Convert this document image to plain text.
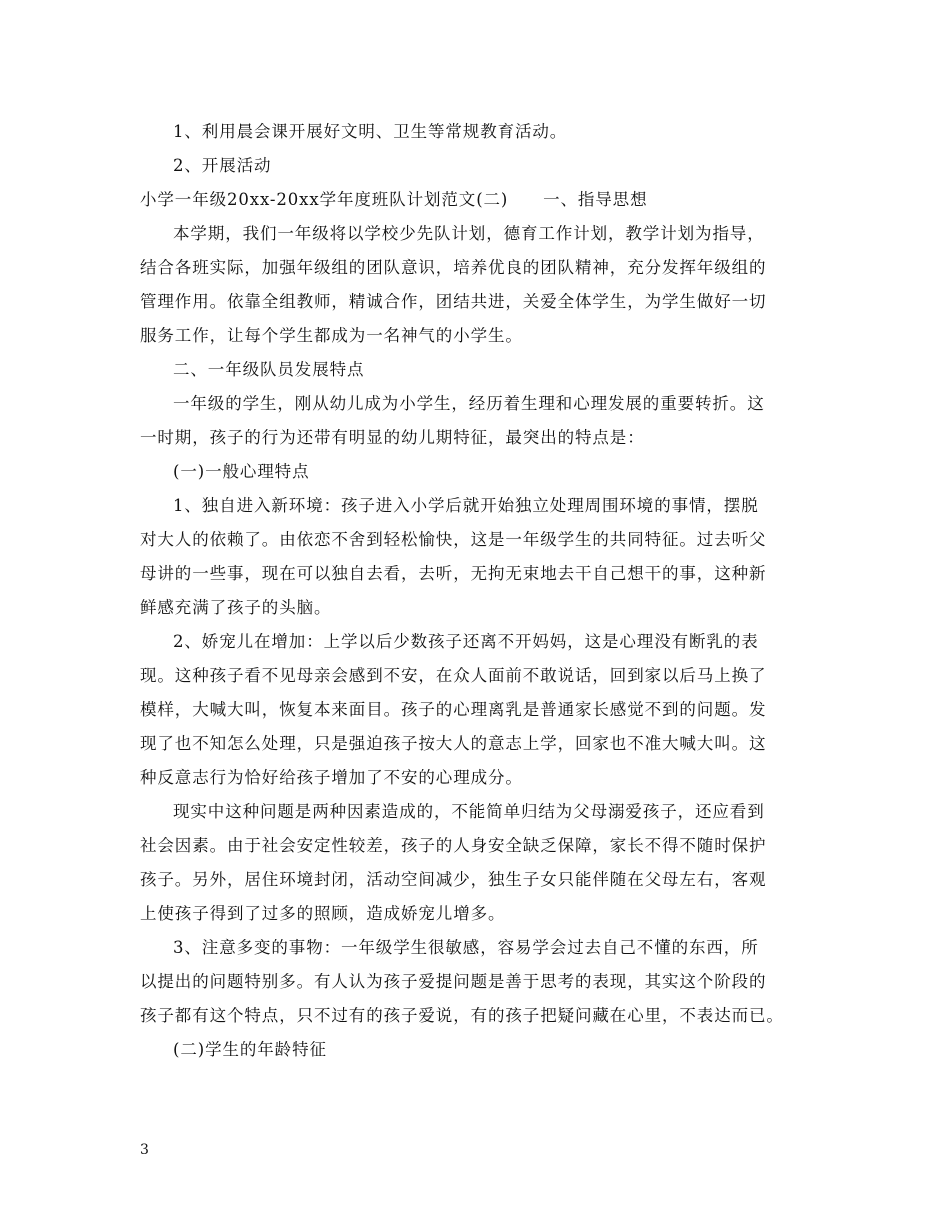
1、利用晨会课开展好文明、卫生等常规教育活动。
2、开展活动
小学一年级20xx-20xx学年度班队计划范文(二)　　一、指导思想
本学期，我们一年级将以学校少先队计划，德育工作计划，教学计划为指导，
结合各班实际，加强年级组的团队意识，培养优良的团队精神，充分发挥年级组的
管理作用。依靠全组教师，精诚合作，团结共进，关爱全体学生，为学生做好一切
服务工作，让每个学生都成为一名神气的小学生。
二、一年级队员发展特点
一年级的学生，刚从幼儿成为小学生，经历着生理和心理发展的重要转折。这
一时期，孩子的行为还带有明显的幼儿期特征，最突出的特点是：
(一)一般心理特点
1、独自进入新环境：孩子进入小学后就开始独立处理周围环境的事情，摆脱
对大人的依赖了。由依恋不舍到轻松愉快，这是一年级学生的共同特征。过去听父
母讲的一些事，现在可以独自去看，去听，无拘无束地去干自己想干的事，这种新
鲜感充满了孩子的头脑。
2、娇宠儿在增加：上学以后少数孩子还离不开妈妈，这是心理没有断乳的表
现。这种孩子看不见母亲会感到不安，在众人面前不敢说话，回到家以后马上换了
模样，大喊大叫，恢复本来面目。孩子的心理离乳是普通家长感觉不到的问题。发
现了也不知怎么处理，只是强迫孩子按大人的意志上学，回家也不准大喊大叫。这
种反意志行为恰好给孩子增加了不安的心理成分。
现实中这种问题是两种因素造成的，不能简单归结为父母溺爱孩子，还应看到
社会因素。由于社会安定性较差，孩子的人身安全缺乏保障，家长不得不随时保护
孩子。另外，居住环境封闭，活动空间减少，独生子女只能伴随在父母左右，客观
上使孩子得到了过多的照顾，造成娇宠儿增多。
3、注意多变的事物：一年级学生很敏感，容易学会过去自己不懂的东西，所
以提出的问题特别多。有人认为孩子爱提问题是善于思考的表现，其实这个阶段的
孩子都有这个特点，只不过有的孩子爱说，有的孩子把疑问藏在心里，不表达而已。
(二)学生的年龄特征
3
